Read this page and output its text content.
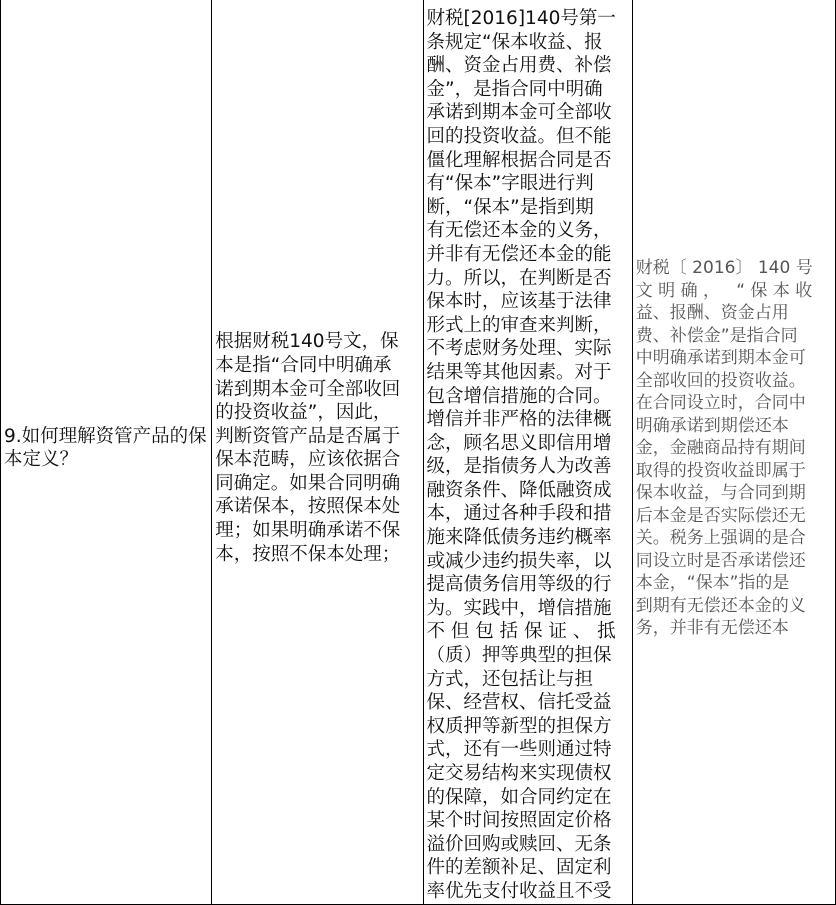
9.如何理解资管产品的保本定义？

根据财税140号文，保
本是指“合同中明确承
诺到期本金可全部收回
的投资收益”，因此，
判断资管产品是否属于
保本范畴，应该依据合
同确定。如果合同明确
承诺保本，按照保本处
理；如果明确承诺不保
本，按照不保本处理；

财税[2016]140号第一
条规定“保本收益、报
酬、资金占用费、补偿
金”，是指合同中明确
承诺到期本金可全部收
回的投资收益。但不能
僵化理解根据合同是否
有“保本”字眼进行判
断，“保本”是指到期
有无偿还本金的义务，
并非有无偿还本金的能
力。所以，在判断是否
保本时，应该基于法律
形式上的审查来判断，
不考虑财务处理、实际
结果等其他因素。对于
包含增信措施的合同。
增信并非严格的法律概
念，顾名思义即信用增
级，是指债务人为改善
融资条件、降低融资成
本，通过各种手段和措
施来降低债务违约概率
或减少违约损失率，以
提高债务信用等级的行
为。实践中，增信措施
不 但 包 括 保 证 、 抵
（质）押等典型的担保
方式，还包括让与担
保、经营权、信托受益
权质押等新型的担保方
式，还有一些则通过特
定交易结构来实现债权
的保障，如合同约定在
某个时间按照固定价格
溢价回购或赎回、无条
件的差额补足、固定利
率优先支付收益且不受

财税〔 2016〕 140 号
文 明 确 ，   “ 保 本 收
益、报酬、资金占用
费、补偿金”是指合同
中明确承诺到期本金可
全部收回的投资收益。
在合同设立时，合同中
明确承诺到期偿还本
金，金融商品持有期间
取得的投资收益即属于
保本收益，与合同到期
后本金是否实际偿还无
关。税务上强调的是合
同设立时是否承诺偿还
本金，“保本”指的是
到期有无偿还本金的义
务，并非有无偿还本
